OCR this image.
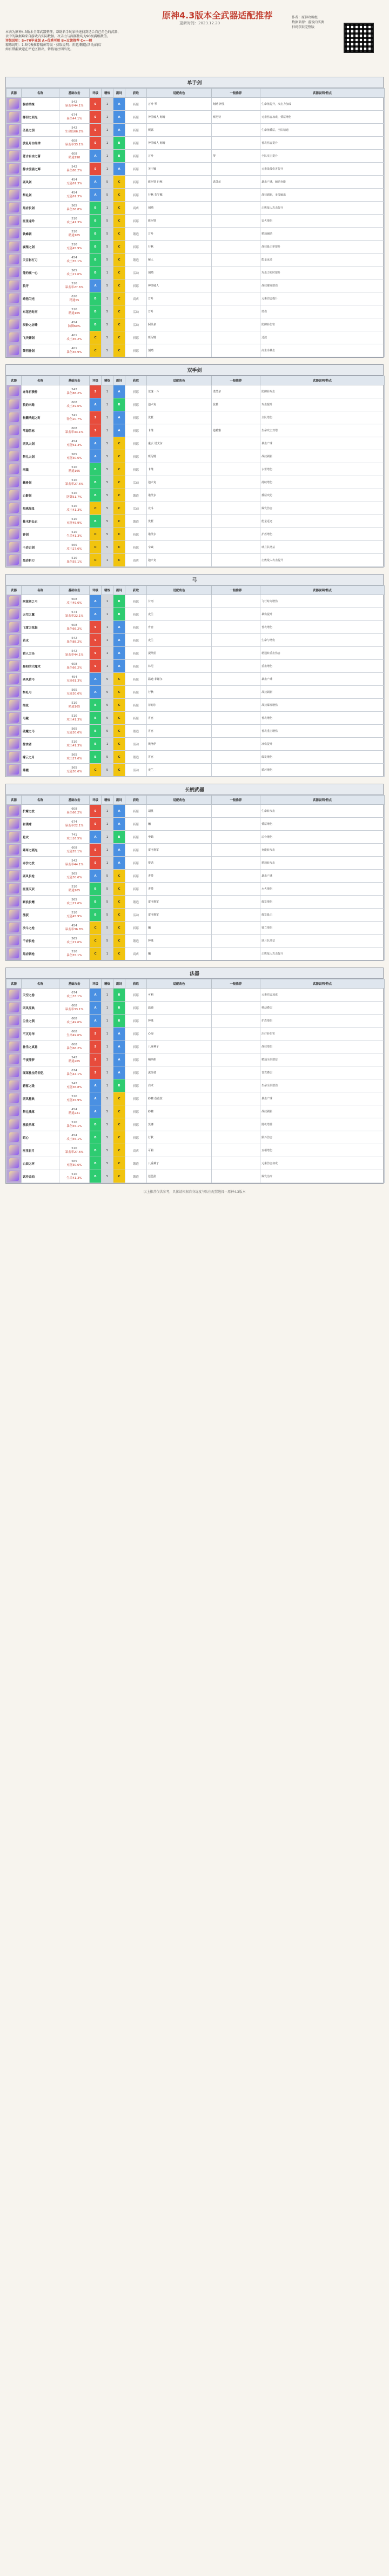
原神4.3版本全武器适配推荐
更新时间：2023.12.20
本表为原神4.3版本全部武器整理，帮助新手玩家快速找到适合自己角色的武器，
表中的数据均来自游戏内实际数据。攻击力与副属性均为90级满级数值。
评级说明：S=T0毕业级 A=优秀可用 B=过渡推荐 C=一般
精炼说明：1-5代表推荐精炼等级 · 获取说明：祈愿/锻造/活动/商店
如有错漏欢迎在评论区指出，转载请注明出处。
作者：原神攻略组
数据来源：游戏内实测
扫码获取完整版
单手剑
武器	名称	基础攻击	评级	精炼	副词	获取	适配角色	一般推荐	武器说明/特点
	磐岩结绿	542
暴击率44.1%	S	1	A	祈愿	万叶 琴	刻晴 神里	生命值提升，攻击力加成
	雾切之回光	674
暴伤44.1%	S	1	A	祈愿	神里绫人 刻晴	班尼特	元素伤害加成，叠层增伤
	圣显之钥	542
生命值66.2%	S	1	A	祈愿	妮露		生命值叠层，全队精通
	波乱月白经津	608
暴击率33.1%	S	1	B	祈愿	神里绫人 刻晴		普攻伤害提升
	苍古自由之誓	608
精通198	A	1	B	祈愿	万叶	琴	全队攻击提升
	静水流涌之辉	542
暴伤88.2%	S	1	A	祈愿	芙宁娜		元素战技伤害提升
	西风剑	454
充能61.3%	A	5	C	祈愿	班尼特 行秋	诺艾尔	暴击产球，辅助充能
	祭礼剑	454
充能61.3%	A	5	C	祈愿	行秋 芙宁娜		战技刷新，多段输出
	黑岩长剑	565
暴伤36.8%	B	1	C	商店	刻晴		击败敌人攻击提升
	匣里龙吟	510
攻击41.3%	B	5	C	祈愿	班尼特		雷火增伤
	铁蜂刺	510
精通165	B	5	C	锻造	万叶		精通辅助
	腐殖之剑	510
充能45.9%	B	5	C	祈愿	行秋		战技暴击率提升
	天目影打刀	454
攻击55.1%	B	5	C	锻造	绫人		能量返还
	笼钓瓶一心	565
攻击27.6%	B	1	C	活动	刻晴		攻击力短时提升
	狼牙	510
暴击率27.6%	A	5	C	祈愿	神里绫人		战技爆发增伤
	暗巷闪光	620
精通55	B	1	C	商店	万叶		元素伤害提升
	东花坊时雨	510
精通165	B	5	C	活动	万叶		增伤
	辰砂之纺锤	454
防御69%	B	5	C	活动	阿贝多		防御转伤害
	飞天御剑	401
攻击35.2%	C	5	C	祈愿	班尼特		过渡
	黎明神剑	401
暴伤46.9%	C	5	C	祈愿	刻晴		高生命暴击
双手剑
武器	名称	基础攻击	评级	精炼	副词	获取	适配角色	一般推荐	武器说明/特点
	赤角石溃杵	542
暴伤88.2%	S	1	A	祈愿	荒泷一斗	诺艾尔	防御转攻击
	狼的末路	608
攻击49.6%	A	1	B	祈愿	迪卢克	优菈	攻击提升
	松籁响起之时	741
物伤20.7%	S	1	A	祈愿	优菈		全队增伤
	苇海信标	608
暴击率33.1%	S	1	A	祈愿	卡维	迪希雅	生命攻击双增
	西风大剑	454
充能61.3%	A	5	C	祈愿	重云 诺艾尔		暴击产球
	祭礼大剑	565
充能30.6%	A	5	C	祈愿	班尼特		战技刷新
	雨裁	510
精通165	B	5	C	祈愿	卡维		水雷增伤
	螭骨剑	510
暴击率27.6%	B	5	C	活动	迪卢克		持续增伤
	白影剑	510
防御51.7%	B	5	C	锻造	诺艾尔		叠层攻防
	衔珠海皇	510
攻击41.3%	C	5	C	活动	北斗		爆发伤害
	桂木斩长正	510
充能45.9%	B	5	C	锻造	优菈		能量返还
	钟剑	510
生命41.3%	C	5	C	祈愿	诺艾尔		护盾增伤
	千岩古剑	565
攻击27.6%	C	5	C	祈愿	辛焱		璃月队增益
	黑岩斩刀	510
暴伤55.1%	C	1	C	商店	迪卢克		击败敌人攻击提升
弓
武器	名称	基础攻击	评级	精炼	副词	获取	适配角色	一般推荐	武器说明/特点
	阿莫斯之弓	608
攻击49.6%	A	1	B	祈愿	甘雨		飞行时间增伤
	天空之翼	674
暴击率22.1%	A	1	B	祈愿	夜兰		暴伤提升
	飞雷之弦振	608
暴伤66.2%	S	1	A	祈愿	宵宫		普攻增伤
	若水	542
暴伤88.2%	S	1	A	祈愿	夜兰		生命与增伤
	猎人之径	542
暴击率44.1%	S	1	A	祈愿	提纳里		精通转重击伤害
	最初的大魔术	608
暴伤66.2%	S	1	A	祈愿	林尼		重击增伤
	西风猎弓	454
充能61.3%	A	5	C	祈愿	温迪 菲谢尔		暴击产球
	祭礼弓	565
充能30.6%	A	5	C	祈愿	行秋		战技刷新
	绝弦	510
精通165	B	5	C	祈愿	菲谢尔		战技爆发增伤
	弓藏	510
攻击41.3%	B	5	C	祈愿	宵宫		普攻增伤
	破魔之弓	565
充能30.6%	B	5	C	锻造	宵宫		普攻重击增伤
	掠食者	510
攻击41.3%	B	1	C	活动	埃洛伊		冰伤提升
	曚云之月	565
攻击27.6%	B	5	C	锻造	宵宫		爆发增伤
	落霞	565
充能30.6%	C	5	C	活动	夜兰		循环增伤
长柄武器
武器	名称	基础攻击	评级	精炼	副词	获取	适配角色	一般推荐	武器说明/特点
	护摩之杖	608
暴伤66.2%	S	1	A	祈愿	胡桃		生命转攻击
	和璞鸢	674
暴击率22.1%	S	1	A	祈愿	魈		叠层增伤
	息灾	741
攻击16.5%	A	1	B	祈愿	申鹤		后台增伤
	薙草之稻光	608
充能55.1%	S	1	A	祈愿	雷电将军		充能转攻击
	赤沙之杖	542
暴击率44.1%	S	1	A	祈愿	赛诺		精通转攻击
	西风长枪	565
充能30.6%	A	5	C	祈愿	香菱		暴击产球
	匣里灭辰	510
精通165	B	5	C	祈愿	香菱		水火增伤
	断浪长鳍	565
攻击27.6%	B	5	C	锻造	雷电将军		爆发增伤
	渔获	510
充能45.9%	B	5	C	活动	雷电将军		爆发暴击
	决斗之枪	454
暴击率36.8%	C	5	C	祈愿	魈		独立增伤
	千岩长枪	565
攻击27.6%	C	5	C	锻造	钟离		璃月队增益
	黑岩刺枪	510
暴伤55.1%	C	1	C	商店	魈		击败敌人攻击提升
法器
武器	名称	基础攻击	评级	精炼	副词	获取	适配角色	一般推荐	武器说明/特点
	天空之卷	674
攻击33.1%	A	1	B	祈愿	可莉		元素伤害加成
	四风原典	608
暴击率33.1%	A	1	B	祈愿	温迪		移动叠层
	尘世之锁	608
攻击49.6%	A	1	B	祈愿	钟离		护盾增伤
	不灭月华	608
生命49.6%	S	1	A	祈愿	心海		治疗转伤害
	神乐之真意	608
暴伤66.2%	S	1	A	祈愿	八重神子		战技增伤
	千夜浮梦	542
精通265	S	1	A	祈愿	纳西妲		精通全队增益
	图莱杜拉的回忆	674
暴伤44.1%	S	1	A	祈愿	流浪者		普攻叠层
	碧落之珑	542
充能36.8%	A	1	B	祈愿	白术		生命全队增伤
	西风秘典	510
充能45.9%	A	5	C	祈愿	砂糖 芭芭拉		暴击产球
	祭礼残章	454
精通221	A	5	C	祈愿	砂糖		战技刷新
	流浪乐章	510
暴伤55.1%	B	5	C	祈愿	莫娜		随机增益
	昭心	454
攻击55.1%	B	5	C	祈愿	行秋		额外伤害
	匣里日月	510
暴击率27.6%	B	5	C	商店	可莉		互相增伤
	白辰之环	565
充能30.6%	B	5	C	锻造	八重神子		元素伤害加成
	试作金珀	510
生命41.3%	B	5	C	锻造	芭芭拉		爆发治疗
以上推荐仅供参考，具体请根据自身练度与队伍配置选择 · 原神4.3版本
